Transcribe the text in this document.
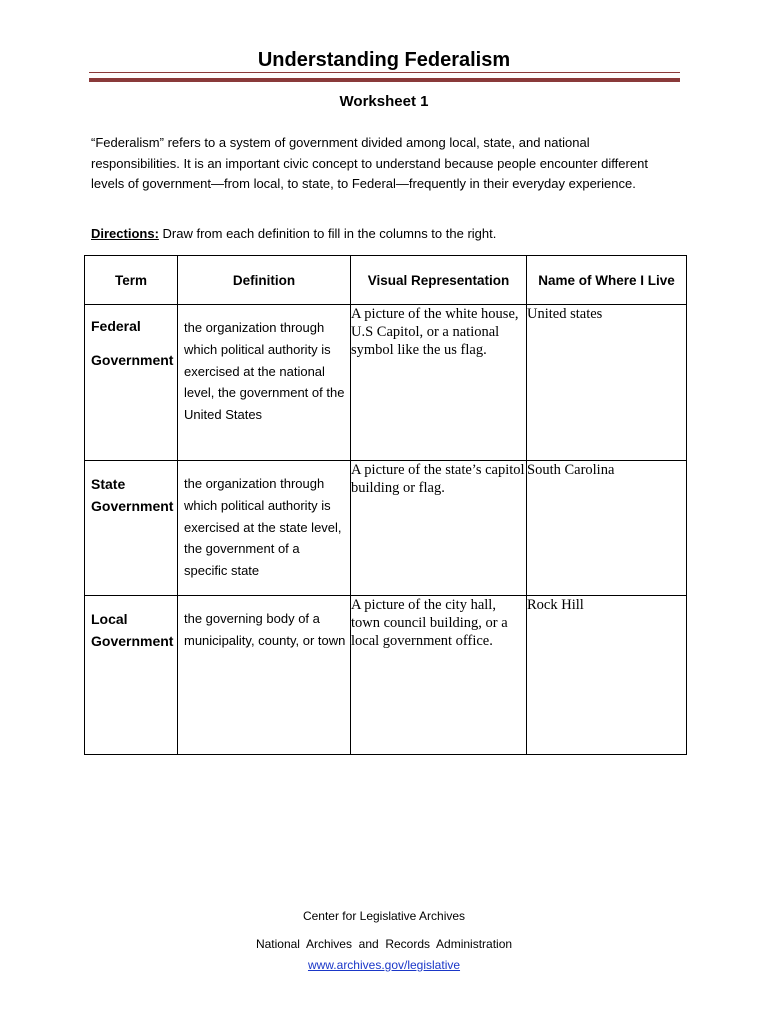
Understanding Federalism
Worksheet 1

“Federalism” refers to a system of government divided among local, state, and national responsibilities. It is an important civic concept to understand because people encounter different levels of government—from local, to state, to Federal—frequently in their everyday experience.

Directions: Draw from each definition to fill in the columns to the right.

Term	Definition	Visual Representation	Name of Where I Live

Federal Government	the organization through which political authority is exercised at the national level, the government of the United States	A picture of the white house, U.S Capitol, or a national symbol like the us flag.	United states

State Government	the organization through which political authority is exercised at the state level, the government of a specific state	A picture of the state’s capitol building or flag.	South Carolina

Local Government	the governing body of a municipality, county, or town	A picture of the city hall, town council building, or a local government office.	Rock Hill
Center for Legislative Archives
National  Archives  and  Records  Administration
www.archives.gov/legislative
